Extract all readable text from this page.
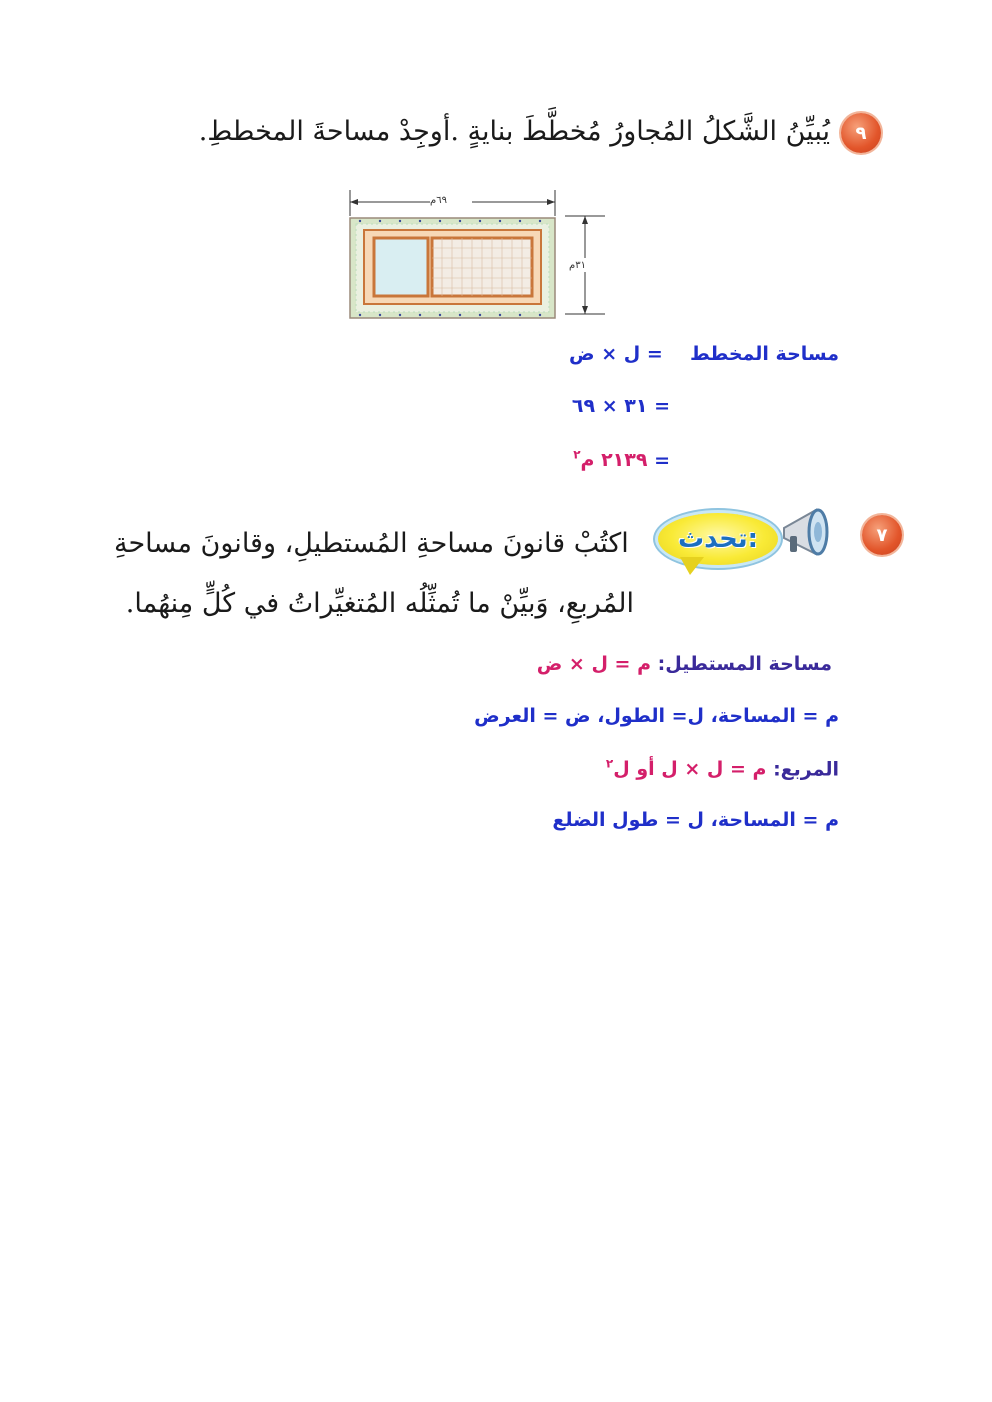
٩
يُبيِّنُ الشَّكلُ المُجاورُ مُخطَّطَ بنايةٍ .أوجِدْ مساحةَ المخططِ.
٦٩م
٣١م
مساحة المخطط  = ل × ض
= ٣١ × ٦٩
= ٢١٣٩ م$^٢$
٧
تحدث:
اكتُبْ قانونَ مساحةِ المُستطيلِ، وقانونَ مساحةِ
المُربعِ، وَبيِّنْ ما تُمثِّلُه المُتغيِّراتُ في كُلٍّ مِنهُما.
مساحة المستطيل: م = ل × ض
م = المساحة، ل= الطول، ض = العرض
المربع: م = ل × ل أو ل$^٢$
م = المساحة، ل = طول الضلع
